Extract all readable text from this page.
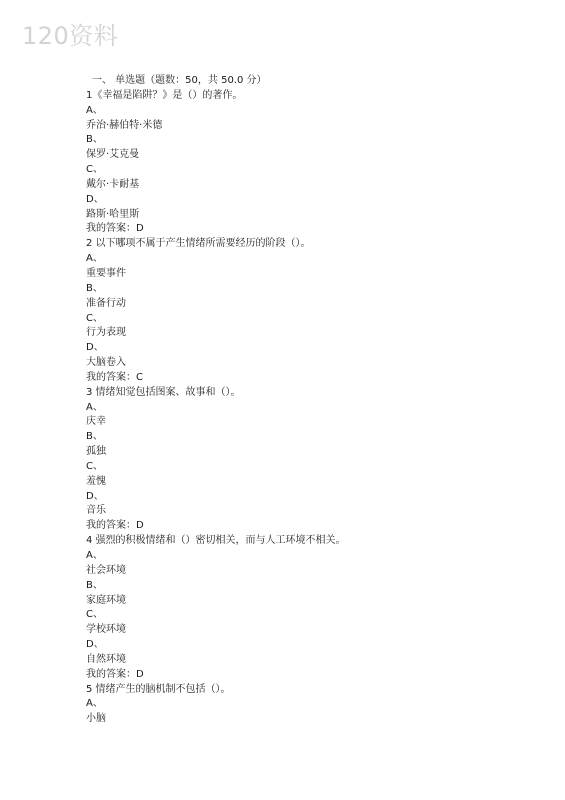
120资料
一、 单选题（题数：50，共 50.0 分）
1《幸福是陷阱？》是（）的著作。
A、
乔治·赫伯特·米德
B、
保罗·艾克曼
C、
戴尔·卡耐基
D、
路斯·哈里斯
我的答案：D
2 以下哪项不属于产生情绪所需要经历的阶段（）。
A、
重要事件
B、
准备行动
C、
行为表现
D、
大脑卷入
我的答案：C
3 情绪知觉包括图案、故事和（）。
A、
庆幸
B、
孤独
C、
羞愧
D、
音乐
我的答案：D
4 强烈的积极情绪和（）密切相关，而与人工环境不相关。
A、
社会环境
B、
家庭环境
C、
学校环境
D、
自然环境
我的答案：D
5 情绪产生的脑机制不包括（）。
A、
小脑
